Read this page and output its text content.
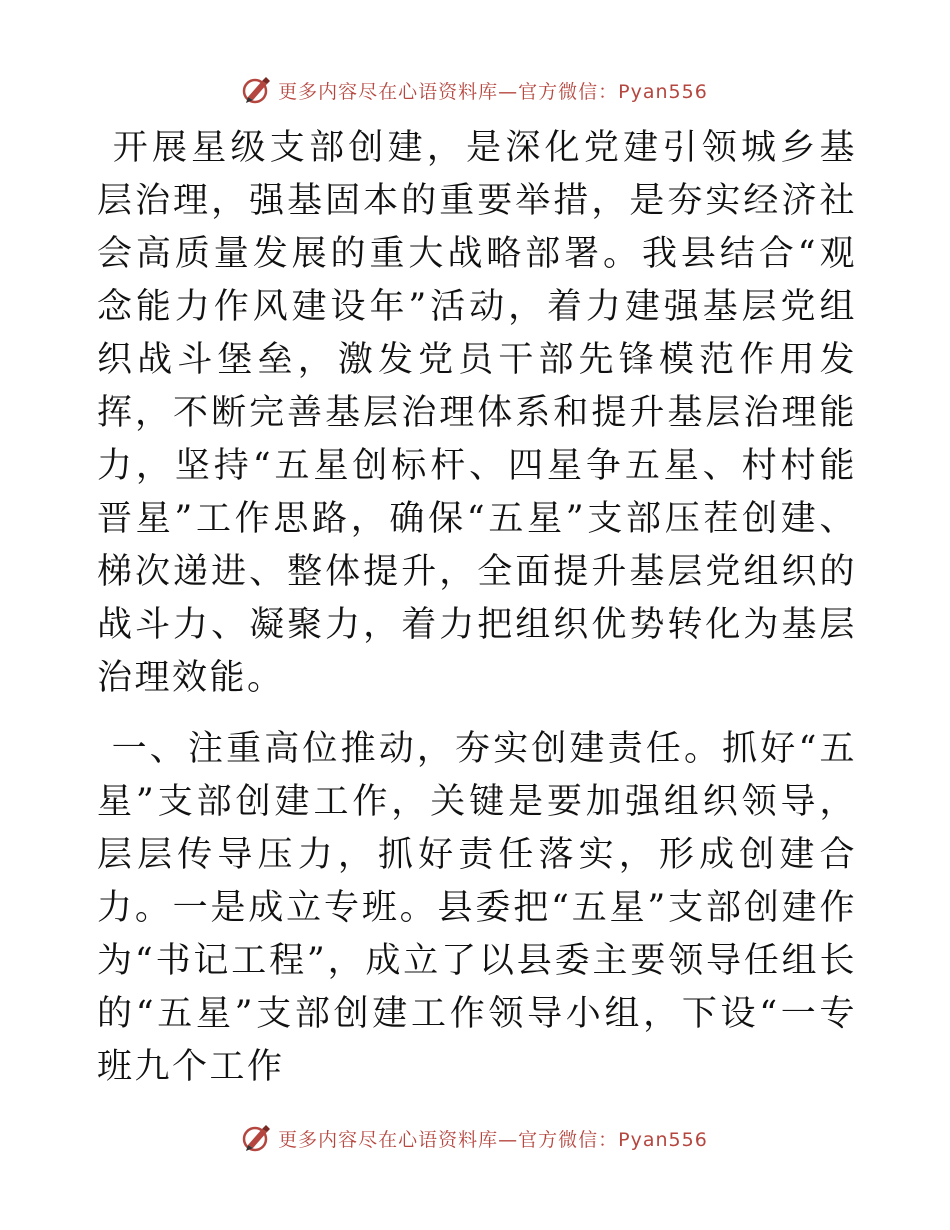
更多内容尽在心语资料库—官方微信：Pyan556

开展星级支部创建，是深化党建引领城乡基层治理，强基固本的重要举措，是夯实经济社会高质量发展的重大战略部署。我县结合“观念能力作风建设年”活动，着力建强基层党组织战斗堡垒，激发党员干部先锋模范作用发挥，不断完善基层治理体系和提升基层治理能力，坚持“五星创标杆、四星争五星、村村能晋星”工作思路，确保“五星”支部压茬创建、梯次递进、整体提升，全面提升基层党组织的战斗力、凝聚力，着力把组织优势转化为基层治理效能。

一、注重高位推动，夯实创建责任。抓好“五星”支部创建工作，关键是要加强组织领导，层层传导压力，抓好责任落实，形成创建合力。一是成立专班。县委把“五星”支部创建作为“书记工程”，成立了以县委主要领导任组长的“五星”支部创建工作领导小组，下设“一专班九个工作

更多内容尽在心语资料库—官方微信：Pyan556
